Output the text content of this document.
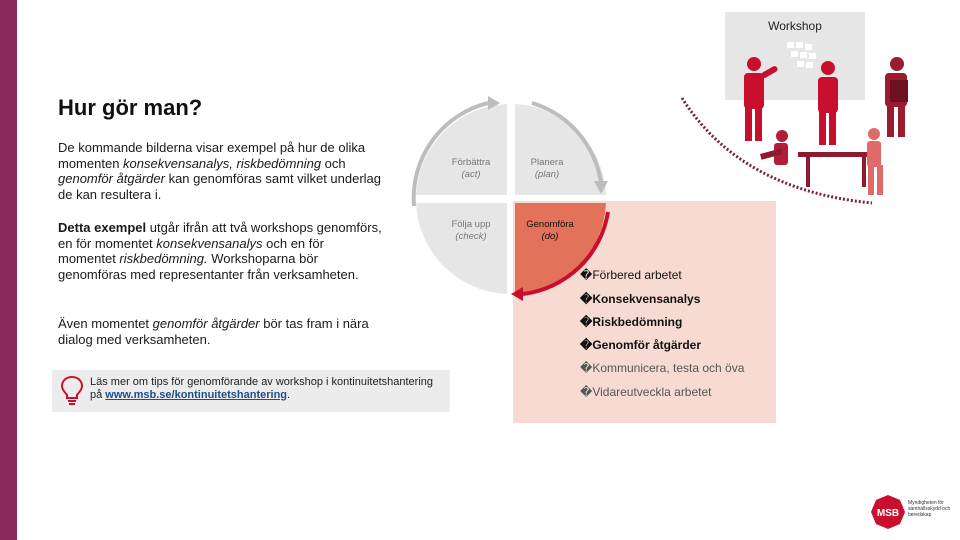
Workshop
Hur gör man?

De kommande bilderna visar exempel på hur de olika momenten konsekvensanalys, riskbedömning och genomför åtgärder kan genomföras samt vilket underlag de kan resultera i.

Detta exempel utgår ifrån att två workshops genomförs, en för momentet konsekvensanalys och en för momentet riskbedömning. Workshoparna bör genomföras med representanter från verksamheten.

Även momentet genomför åtgärder bör tas fram i nära dialog med verksamheten.

Läs mer om tips för genomförande av workshop i kontinuitetshantering på www.msb.se/kontinuitetshantering.
Förbättra
(act)
Planera
(plan)
Följa upp
(check)
Genomföra
(do)
�Förbered arbetet
�Konsekvensanalys
�Riskbedömning
�Genomför åtgärder
�Kommunicera, testa och öva
�Vidareutveckla arbetet
MSB
Myndigheten för samhällsskydd och beredskap
